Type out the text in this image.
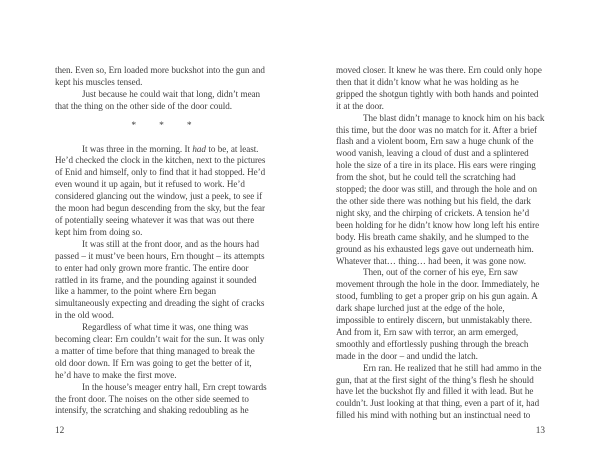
then. Even so, Ern loaded more buckshot into the gun and kept his muscles tensed.

Just because he could wait that long, didn’t mean that the thing on the other side of the door could.

* * *

It was three in the morning. It had to be, at least. He’d checked the clock in the kitchen, next to the pictures of Enid and himself, only to find that it had stopped. He’d even wound it up again, but it refused to work. He’d considered glancing out the window, just a peek, to see if the moon had begun descending from the sky, but the fear of potentially seeing whatever it was that was out there kept him from doing so.

It was still at the front door, and as the hours had passed – it must’ve been hours, Ern thought – its attempts to enter had only grown more frantic. The entire door rattled in its frame, and the pounding against it sounded like a hammer, to the point where Ern began simultaneously expecting and dreading the sight of cracks in the old wood.

Regardless of what time it was, one thing was becoming clear: Ern couldn’t wait for the sun. It was only a matter of time before that thing managed to break the old door down. If Ern was going to get the better of it, he’d have to make the first move.

In the house’s meager entry hall, Ern crept towards the front door. The noises on the other side seemed to intensify, the scratching and shaking redoubling as he

moved closer. It knew he was there. Ern could only hope then that it didn’t know what he was holding as he gripped the shotgun tightly with both hands and pointed it at the door.

The blast didn’t manage to knock him on his back this time, but the door was no match for it. After a brief flash and a violent boom, Ern saw a huge chunk of the wood vanish, leaving a cloud of dust and a splintered hole the size of a tire in its place. His ears were ringing from the shot, but he could tell the scratching had stopped; the door was still, and through the hole and on the other side there was nothing but his field, the dark night sky, and the chirping of crickets. A tension he’d been holding for he didn’t know how long left his entire body. His breath came shakily, and he slumped to the ground as his exhausted legs gave out underneath him. Whatever that… thing… had been, it was gone now.

Then, out of the corner of his eye, Ern saw movement through the hole in the door. Immediately, he stood, fumbling to get a proper grip on his gun again. A dark shape lurched just at the edge of the hole, impossible to entirely discern, but unmistakably there. And from it, Ern saw with terror, an arm emerged, smoothly and effortlessly pushing through the breach made in the door – and undid the latch.

Ern ran. He realized that he still had ammo in the gun, that at the first sight of the thing’s flesh he should have let the buckshot fly and filled it with lead. But he couldn’t. Just looking at that thing, even a part of it, had filled his mind with nothing but an instinctual need to

12	13
